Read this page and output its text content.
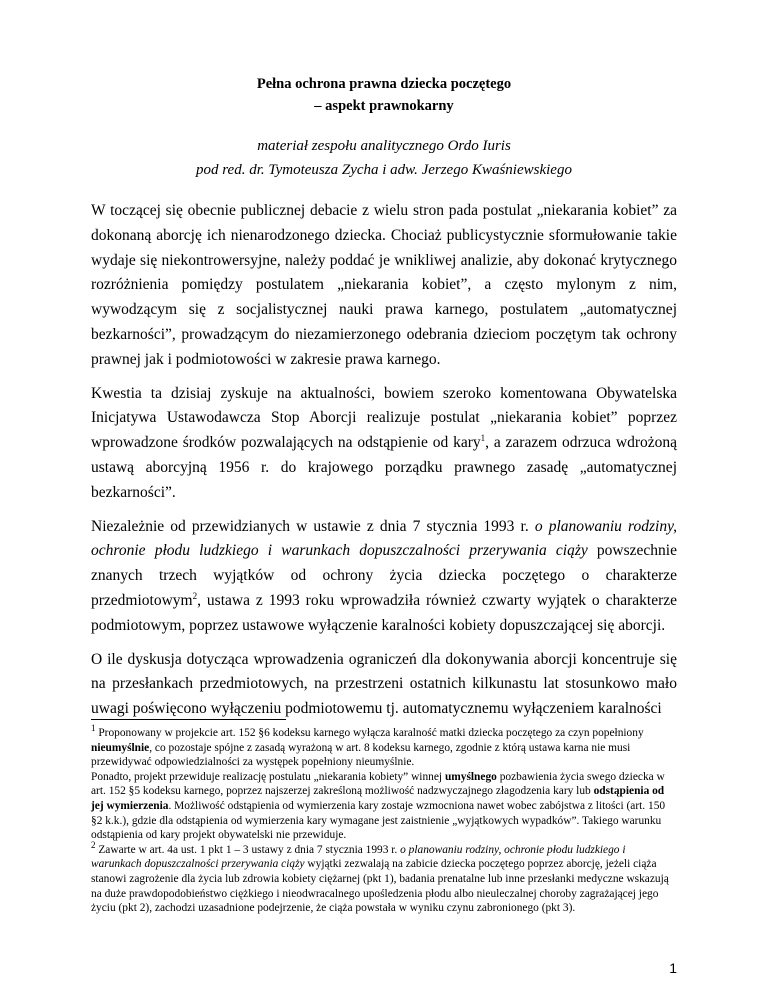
Pełna ochrona prawna dziecka poczętego
– aspekt prawnokarny
materiał zespołu analitycznego Ordo Iuris
pod red. dr. Tymoteusza Zycha i adw. Jerzego Kwaśniewskiego

W toczącej się obecnie publicznej debacie z wielu stron pada postulat „niekarania kobiet” za dokonaną aborcję ich nienarodzonego dziecka. Chociaż publicystycznie sformułowanie takie wydaje się niekontrowersyjne, należy poddać je wnikliwej analizie, aby dokonać krytycznego rozróżnienia pomiędzy postulatem „niekarania kobiet”, a często mylonym z nim, wywodzącym się z socjalistycznej nauki prawa karnego, postulatem „automatycznej bezkarności”, prowadzącym do niezamierzonego odebrania dzieciom poczętym tak ochrony prawnej jak i podmiotowości w zakresie prawa karnego.

Kwestia ta dzisiaj zyskuje na aktualności, bowiem szeroko komentowana Obywatelska Inicjatywa Ustawodawcza Stop Aborcji realizuje postulat „niekarania kobiet” poprzez wprowadzone środków pozwalających na odstąpienie od kary$^1$, a zarazem odrzuca wdrożoną ustawą aborcyjną 1956 r. do krajowego porządku prawnego zasadę „automatycznej bezkarności”.

Niezależnie od przewidzianych w ustawie z dnia 7 stycznia 1993 r. o planowaniu rodziny, ochronie płodu ludzkiego i warunkach dopuszczalności przerywania ciąży powszechnie znanych trzech wyjątków od ochrony życia dziecka poczętego o charakterze przedmiotowym$^2$, ustawa z 1993 roku wprowadziła również czwarty wyjątek o charakterze podmiotowym, poprzez ustawowe wyłączenie karalności kobiety dopuszczającej się aborcji.

O ile dyskusja dotycząca wprowadzenia ograniczeń dla dokonywania aborcji koncentruje się na przesłankach przedmiotowych, na przestrzeni ostatnich kilkunastu lat stosunkowo mało uwagi poświęcono wyłączeniu podmiotowemu tj. automatycznemu wyłączeniem karalności

$^1$ Proponowany w projekcie art. 152 §6 kodeksu karnego wyłącza karalność matki dziecka poczętego za czyn popełniony nieumyślnie, co pozostaje spójne z zasadą wyrażoną w art. 8 kodeksu karnego, zgodnie z którą ustawa karna nie musi przewidywać odpowiedzialności za występek popełniony nieumyślnie.

Ponadto, projekt przewiduje realizację postulatu „niekarania kobiety” winnej umyślnego pozbawienia życia swego dziecka w art. 152 §5 kodeksu karnego, poprzez najszerzej zakreśloną możliwość nadzwyczajnego złagodzenia kary lub odstąpienia od jej wymierzenia. Możliwość odstąpienia od wymierzenia kary zostaje wzmocniona nawet wobec zabójstwa z litości (art. 150 §2 k.k.), gdzie dla odstąpienia od wymierzenia kary wymagane jest zaistnienie „wyjątkowych wypadków”. Takiego warunku odstąpienia od kary projekt obywatelski nie przewiduje.

$^2$ Zawarte w art. 4a ust. 1 pkt 1 – 3 ustawy z dnia 7 stycznia 1993 r. o planowaniu rodziny, ochronie płodu ludzkiego i warunkach dopuszczalności przerywania ciąży wyjątki zezwalają na zabicie dziecka poczętego poprzez aborcję, jeżeli ciąża stanowi zagrożenie dla życia lub zdrowia kobiety ciężarnej (pkt 1), badania prenatalne lub inne przesłanki medyczne wskazują na duże prawdopodobieństwo ciężkiego i nieodwracalnego upośledzenia płodu albo nieuleczalnej choroby zagrażającej jego życiu (pkt 2), zachodzi uzasadnione podejrzenie, że ciąża powstała w wyniku czynu zabronionego (pkt 3).

1
